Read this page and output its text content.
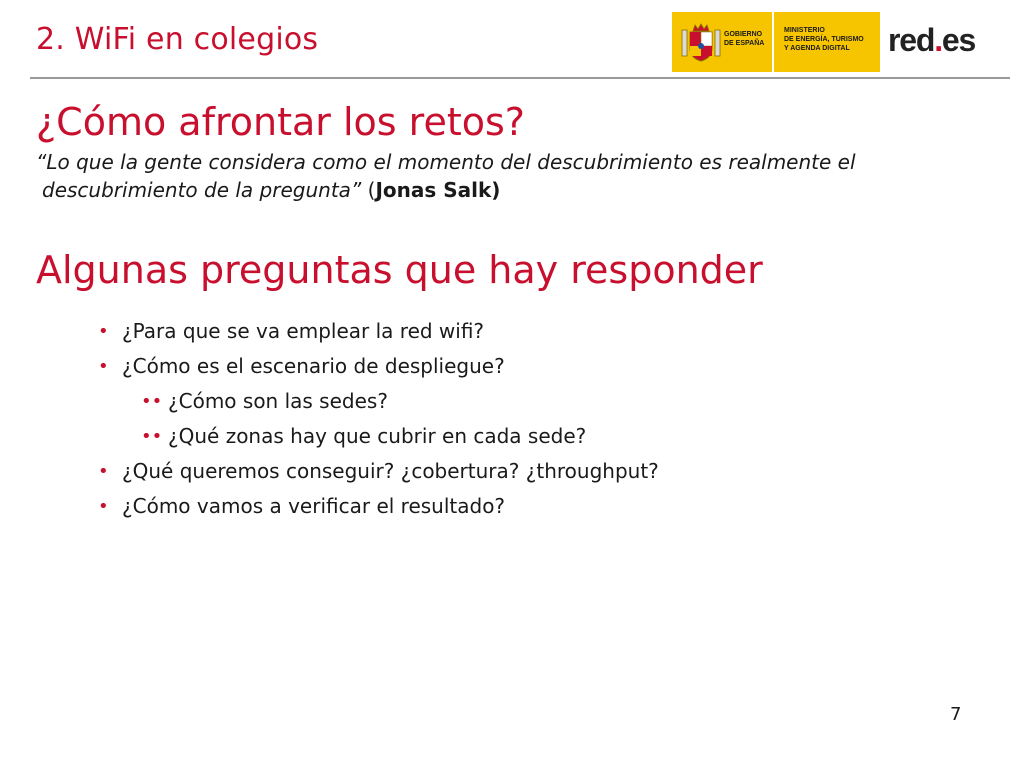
2. WiFi en colegios	GOBIERNO
DE ESPAÑA
MINISTERIO
DE ENERGÍA, TURISMO
Y AGENDA DIGITAL	red.es
¿Cómo afrontar los retos?
“Lo que la gente considera como el momento del descubrimiento es realmente el
descubrimiento de la pregunta” (Jonas Salk)
Algunas preguntas que hay responder
• ¿Para que se va emplear la red wifi?
• ¿Cómo es el escenario de despliegue?
•• ¿Cómo son las sedes?
•• ¿Qué zonas hay que cubrir en cada sede?
• ¿Qué queremos conseguir? ¿cobertura? ¿throughput?
• ¿Cómo vamos a verificar el resultado?
7
